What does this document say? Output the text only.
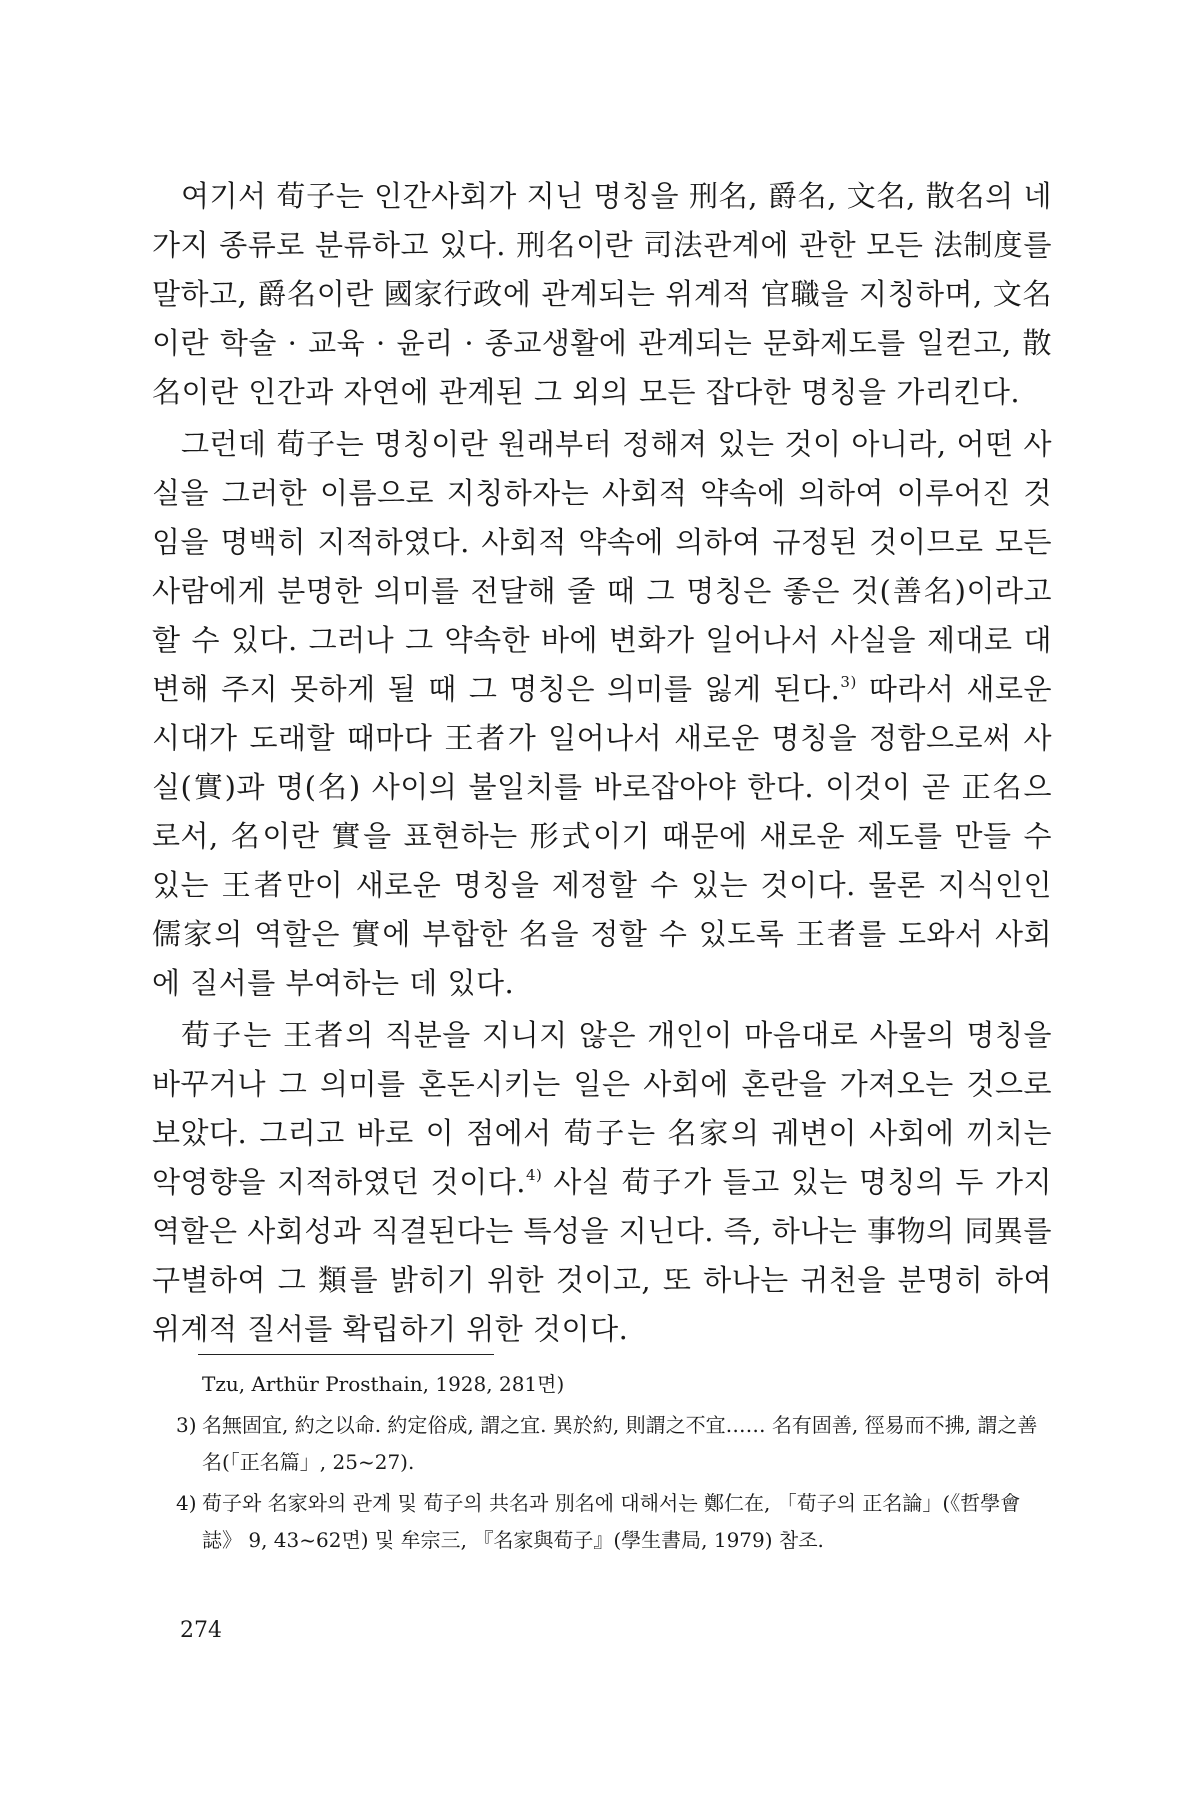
여기서 荀子는 인간사회가 지닌 명칭을 刑名, 爵名, 文名, 散名의 네 가지 종류로 분류하고 있다. 刑名이란 司法관계에 관한 모든 法制度를 말하고, 爵名이란 國家行政에 관계되는 위계적 官職을 지칭하며, 文名이란 학술 · 교육 · 윤리 · 종교생활에 관계되는 문화제도를 일컫고, 散名이란 인간과 자연에 관계된 그 외의 모든 잡다한 명칭을 가리킨다.

그런데 荀子는 명칭이란 원래부터 정해져 있는 것이 아니라, 어떤 사실을 그러한 이름으로 지칭하자는 사회적 약속에 의하여 이루어진 것임을 명백히 지적하였다. 사회적 약속에 의하여 규정된 것이므로 모든 사람에게 분명한 의미를 전달해 줄 때 그 명칭은 좋은 것(善名)이라고 할 수 있다. 그러나 그 약속한 바에 변화가 일어나서 사실을 제대로 대변해 주지 못하게 될 때 그 명칭은 의미를 잃게 된다.$^{3)}$ 따라서 새로운 시대가 도래할 때마다 王者가 일어나서 새로운 명칭을 정함으로써 사실(實)과 명(名) 사이의 불일치를 바로잡아야 한다. 이것이 곧 正名으로서, 名이란 實을 표현하는 形式이기 때문에 새로운 제도를 만들 수 있는 王者만이 새로운 명칭을 제정할 수 있는 것이다. 물론 지식인인 儒家의 역할은 實에 부합한 名을 정할 수 있도록 王者를 도와서 사회에 질서를 부여하는 데 있다.

荀子는 王者의 직분을 지니지 않은 개인이 마음대로 사물의 명칭을 바꾸거나 그 의미를 혼돈시키는 일은 사회에 혼란을 가져오는 것으로 보았다. 그리고 바로 이 점에서 荀子는 名家의 궤변이 사회에 끼치는 악영향을 지적하였던 것이다.$^{4)}$ 사실 荀子가 들고 있는 명칭의 두 가지 역할은 사회성과 직결된다는 특성을 지닌다. 즉, 하나는 事物의 同異를 구별하여 그 類를 밝히기 위한 것이고, 또 하나는 귀천을 분명히 하여 위계적 질서를 확립하기 위한 것이다.

Tzu, Arthür Prosthain, 1928, 281면)
3) 名無固宜, 約之以命. 約定俗成, 謂之宜. 異於約, 則謂之不宜…… 名有固善, 徑易而不拂, 謂之善名(「正名篇」, 25~27).
4) 荀子와 名家와의 관계 및 荀子의 共名과 別名에 대해서는 鄭仁在, 「荀子의 正名論」(《哲學會誌》 9, 43~62면) 및 牟宗三, 『名家與荀子』(學生書局, 1979) 참조.
274
